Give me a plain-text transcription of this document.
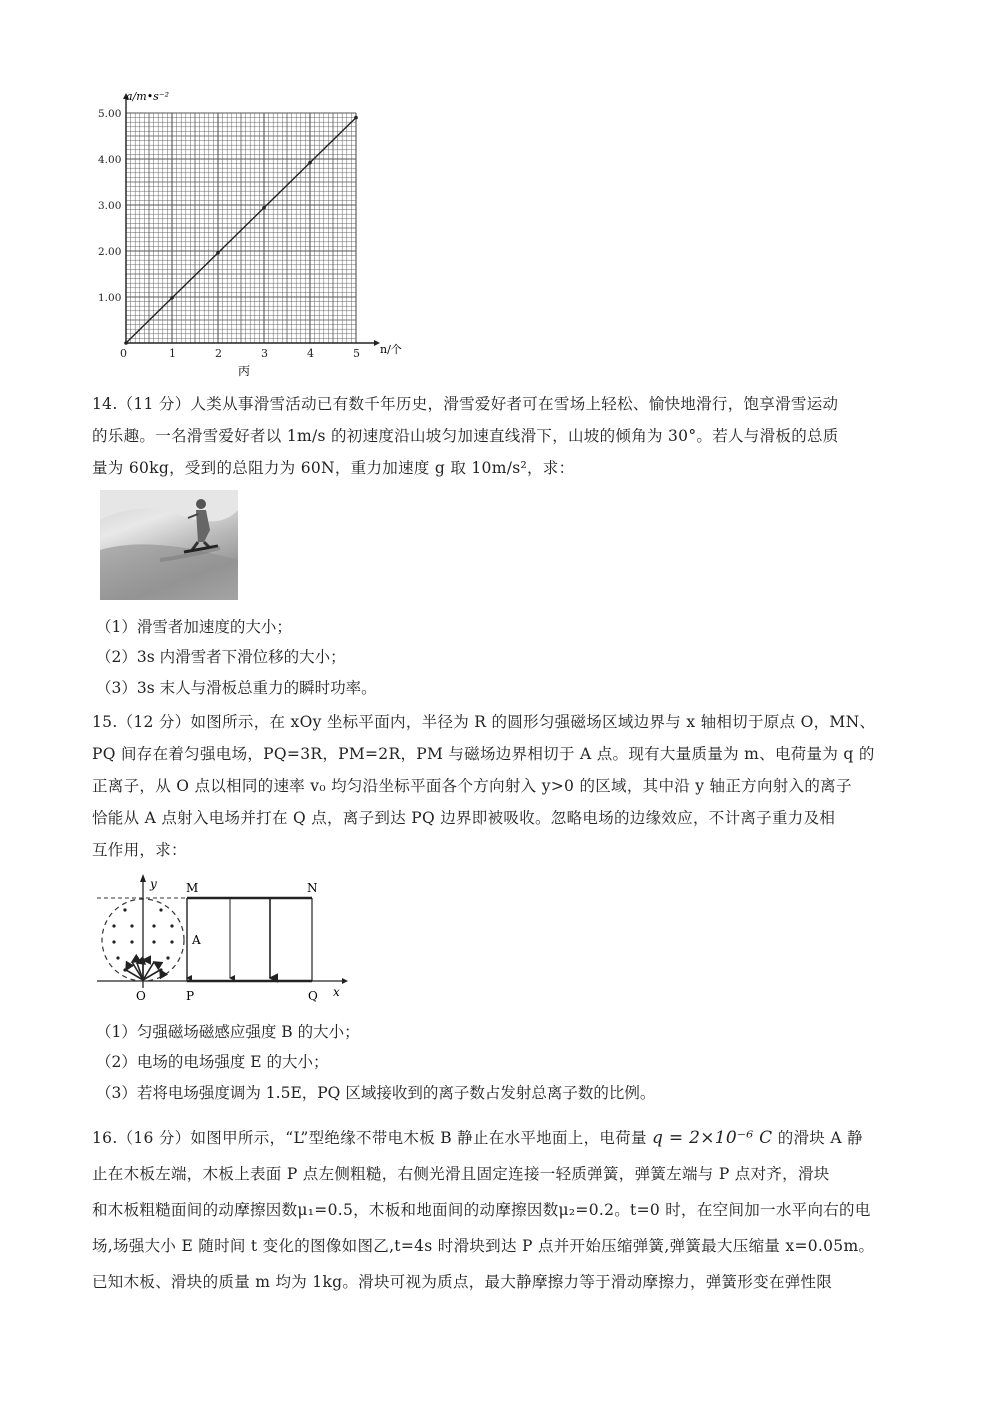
0	1	2	3	4	5
1.00
2.00
3.00
4.00
5.00
a/m•s⁻²
n/个
丙
14.（11 分）人类从事滑雪活动已有数千年历史，滑雪爱好者可在雪场上轻松、愉快地滑行，饱享滑雪运动
的乐趣。一名滑雪爱好者以 1m/s 的初速度沿山坡匀加速直线滑下，山坡的倾角为 30°。若人与滑板的总质
量为 60kg，受到的总阻力为 60N，重力加速度 g 取 10m/s²，求：
（1）滑雪者加速度的大小；
（2）3s 内滑雪者下滑位移的大小；
（3）3s 末人与滑板总重力的瞬时功率。
15.（12 分）如图所示，在 xOy 坐标平面内，半径为 R 的圆形匀强磁场区域边界与 x 轴相切于原点 O，MN、
PQ 间存在着匀强电场，PQ=3R，PM=2R，PM 与磁场边界相切于 A 点。现有大量质量为 m、电荷量为 q 的
正离子，从 O 点以相同的速率 v₀ 均匀沿坐标平面各个方向射入 y>0 的区域，其中沿 y 轴正方向射入的离子
恰能从 A 点射入电场并打在 Q 点，离子到达 PQ 边界即被吸收。忽略电场的边缘效应，不计离子重力及相
互作用，求：
y M	N
A
O	P	Q x
（1）匀强磁场磁感应强度 B 的大小；
（2）电场的电场强度 E 的大小；
（3）若将电场强度调为 1.5E，PQ 区域接收到的离子数占发射总离子数的比例。
16.（16 分）如图甲所示，“L”型绝缘不带电木板 B 静止在水平地面上，电荷量 q = 2×10⁻⁶ C 的滑块 A 静
止在木板左端，木板上表面 P 点左侧粗糙，右侧光滑且固定连接一轻质弹簧，弹簧左端与 P 点对齐，滑块
和木板粗糙面间的动摩擦因数μ₁=0.5，木板和地面间的动摩擦因数μ₂=0.2。t=0 时，在空间加一水平向右的电
场,场强大小 E 随时间 t 变化的图像如图乙,t=4s 时滑块到达 P 点并开始压缩弹簧,弹簧最大压缩量 x=0.05m。
已知木板、滑块的质量 m 均为 1kg。滑块可视为质点，最大静摩擦力等于滑动摩擦力，弹簧形变在弹性限
